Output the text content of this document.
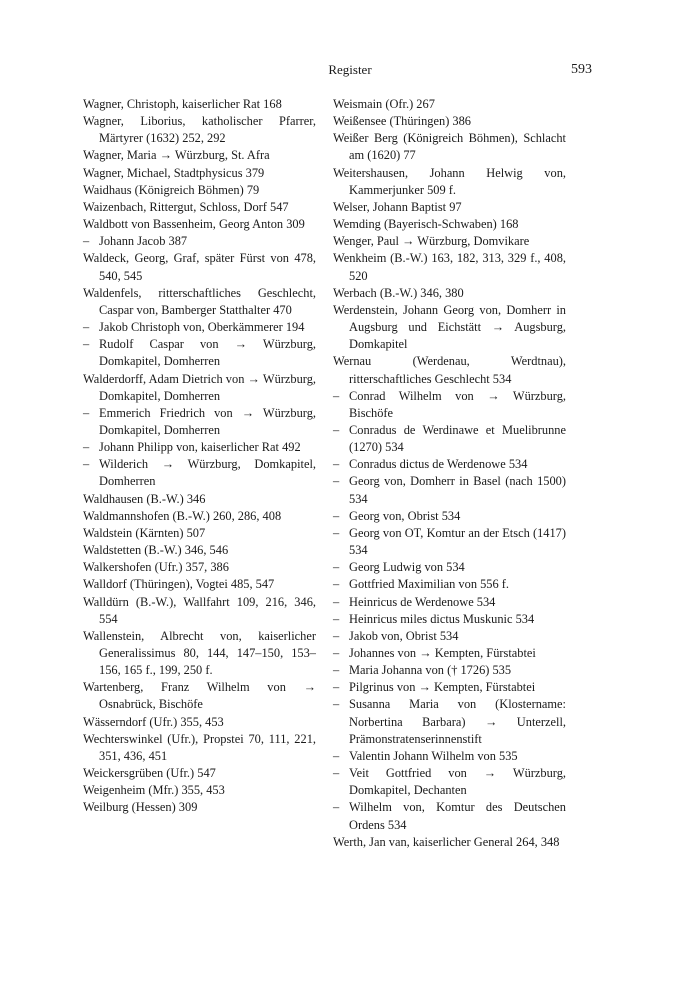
Register	593

Wagner, Christoph, kaiserlicher Rat 168

Wagner, Liborius, katholischer Pfarrer, Märtyrer (1632) 252, 292

Wagner, Maria → Würzburg, St. Afra

Wagner, Michael, Stadtphysicus 379

Waidhaus (Königreich Böhmen) 79

Waizenbach, Rittergut, Schloss, Dorf 547

Waldbott von Bassenheim, Georg Anton 309

– Johann Jacob 387

Waldeck, Georg, Graf, später Fürst von 478, 540, 545

Waldenfels, ritterschaftliches Geschlecht, Caspar von, Bamberger Statthalter 470

– Jakob Christoph von, Oberkämmerer 194

– Rudolf Caspar von → Würzburg, Domkapitel, Domherren

Walderdorff, Adam Dietrich von → Würzburg, Domkapitel, Domherren

– Emmerich Friedrich von → Würzburg, Domkapitel, Domherren

– Johann Philipp von, kaiserlicher Rat 492

– Wilderich → Würzburg, Domkapitel, Domherren

Waldhausen (B.-W.) 346

Waldmannshofen (B.-W.) 260, 286, 408

Waldstein (Kärnten) 507

Waldstetten (B.-W.) 346, 546

Walkershofen (Ufr.) 357, 386

Walldorf (Thüringen), Vogtei 485, 547

Walldürn (B.-W.), Wallfahrt 109, 216, 346, 554

Wallenstein, Albrecht von, kaiserlicher Generalissimus 80, 144, 147–150, 153–156, 165 f., 199, 250 f.

Wartenberg, Franz Wilhelm von → Osnabrück, Bischöfe

Wässerndorf (Ufr.) 355, 453

Wechterswinkel (Ufr.), Propstei 70, 111, 221, 351, 436, 451

Weickersgrüben (Ufr.) 547

Weigenheim (Mfr.) 355, 453

Weilburg (Hessen) 309

Weismain (Ofr.) 267

Weißensee (Thüringen) 386

Weißer Berg (Königreich Böhmen), Schlacht am (1620) 77

Weitershausen, Johann Helwig von, Kammerjunker 509 f.

Welser, Johann Baptist 97

Wemding (Bayerisch-Schwaben) 168

Wenger, Paul → Würzburg, Domvikare

Wenkheim (B.-W.) 163, 182, 313, 329 f., 408, 520

Werbach (B.-W.) 346, 380

Werdenstein, Johann Georg von, Domherr in Augsburg und Eichstätt → Augsburg, Domkapitel

Wernau (Werdenau, Werdtnau), ritterschaftliches Geschlecht 534

– Conrad Wilhelm von → Würzburg, Bischöfe

– Conradus de Werdinawe et Muelibrunne (1270) 534

– Conradus dictus de Werdenowe 534

– Georg von, Domherr in Basel (nach 1500) 534

– Georg von, Obrist 534

– Georg von OT, Komtur an der Etsch (1417) 534

– Georg Ludwig von 534

– Gottfried Maximilian von 556 f.

– Heinricus de Werdenowe 534

– Heinricus miles dictus Muskunic 534

– Jakob von, Obrist 534

– Johannes von → Kempten, Fürstabtei

– Maria Johanna von († 1726) 535

– Pilgrinus von → Kempten, Fürstabtei

– Susanna Maria von (Klostername: Norbertina Barbara) → Unterzell, Prämonstratenserinnenstift

– Valentin Johann Wilhelm von 535

– Veit Gottfried von → Würzburg, Domkapitel, Dechanten

– Wilhelm von, Komtur des Deutschen Ordens 534

Werth, Jan van, kaiserlicher General 264, 348
